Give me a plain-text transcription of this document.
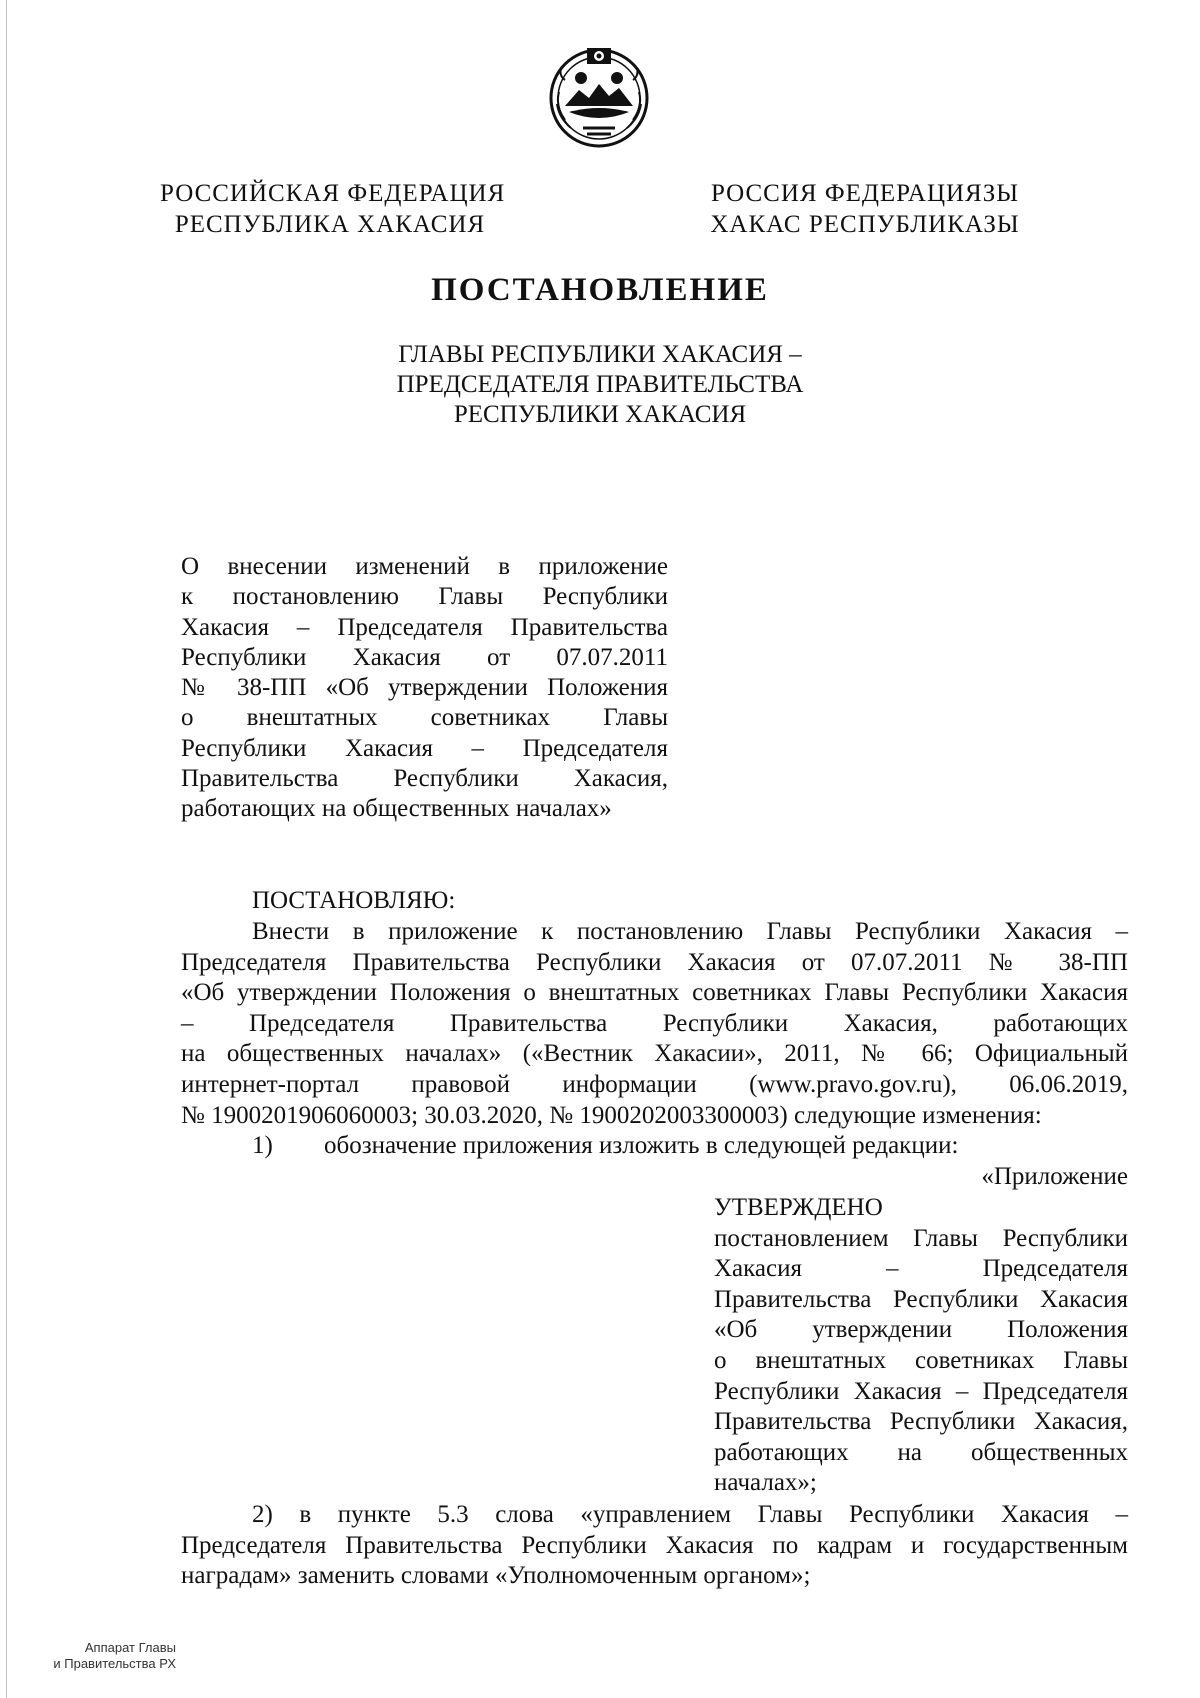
РОССИЙСКАЯ ФЕДЕРАЦИЯ
РЕСПУБЛИКА ХАКАСИЯ
РОССИЯ ФЕДЕРАЦИЯЗЫ
ХАКАС РЕСПУБЛИКАЗЫ
ПОСТАНОВЛЕНИЕ
ГЛАВЫ РЕСПУБЛИКИ ХАКАСИЯ –
ПРЕДСЕДАТЕЛЯ ПРАВИТЕЛЬСТВА
РЕСПУБЛИКИ ХАКАСИЯ
О внесении изменений в приложение
к постановлению Главы Республики
Хакасия – Председателя Правительства
Республики Хакасия от 07.07.2011
№ 38-ПП «Об утверждении Положения
о внештатных советниках Главы
Республики Хакасия – Председателя
Правительства Республики Хакасия,
работающих на общественных началах»
ПОСТАНОВЛЯЮ:
Внести в приложение к постановлению Главы Республики Хакасия –
Председателя Правительства Республики Хакасия от 07.07.2011 № 38-ПП
«Об утверждении Положения о внештатных советниках Главы Республики Хакасия
– Председателя Правительства Республики Хакасия, работающих
на общественных началах» («Вестник Хакасии», 2011, № 66; Официальный
интернет-портал правовой информации (www.pravo.gov.ru), 06.06.2019,
№ 1900201906060003; 30.03.2020, № 1900202003300003) следующие изменения:
1) обозначение приложения изложить в следующей редакции:
«Приложение
УТВЕРЖДЕНО
постановлением Главы Республики
Хакасия – Председателя
Правительства Республики Хакасия
«Об утверждении Положения
о внештатных советниках Главы
Республики Хакасия – Председателя
Правительства Республики Хакасия,
работающих на общественных
началах»;
2) в пункте 5.3 слова «управлением Главы Республики Хакасия –
Председателя Правительства Республики Хакасия по кадрам и государственным
наградам» заменить словами «Уполномоченным органом»;
Аппарат Главы
и Правительства РХ
